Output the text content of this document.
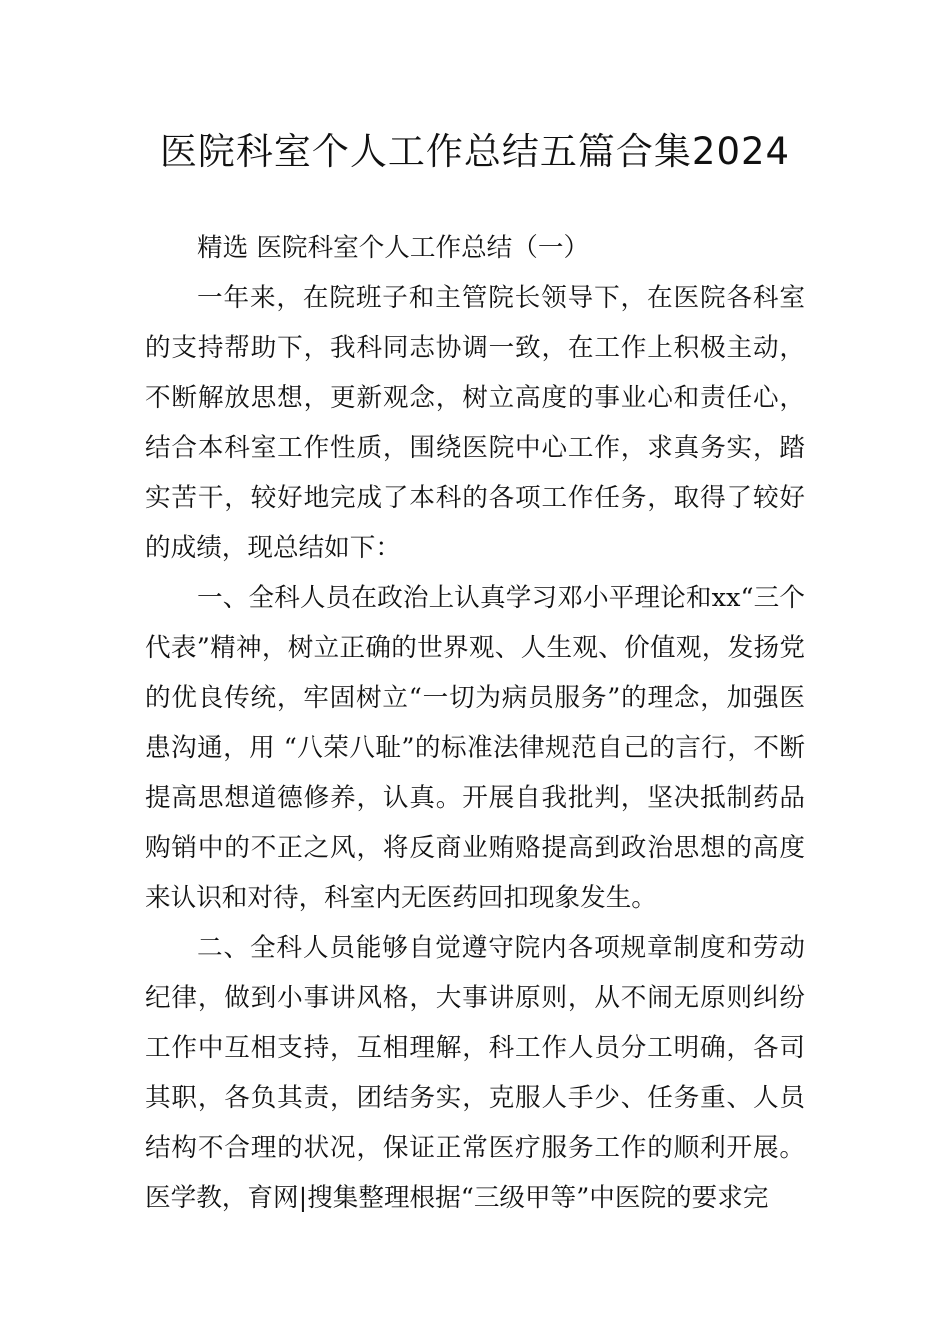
医院科室个人工作总结五篇合集2024

精选 医院科室个人工作总结（一）

一年来，在院班子和主管院长领导下，在医院各科室的支持帮助下，我科同志协调一致，在工作上积极主动，不断解放思想，更新观念，树立高度的事业心和责任心，结合本科室工作性质，围绕医院中心工作，求真务实，踏实苦干，较好地完成了本科的各项工作任务，取得了较好的成绩，现总结如下：

一、全科人员在政治上认真学习邓小平理论和xx“三个代表”精神，树立正确的世界观、人生观、价值观，发扬党的优良传统，牢固树立“一切为病员服务”的理念，加强医患沟通，用 “八荣八耻”的标准法律规范自己的言行，不断提高思想道德修养，认真。开展自我批判，坚决抵制药品购销中的不正之风，将反商业贿赂提高到政治思想的高度来认识和对待，科室内无医药回扣现象发生。

二、全科人员能够自觉遵守院内各项规章制度和劳动纪律，做到小事讲风格，大事讲原则，从不闹无原则纠纷工作中互相支持，互相理解，科工作人员分工明确，各司其职，各负其责，团结务实，克服人手少、任务重、人员结构不合理的状况，保证正常医疗服务工作的顺利开展。医学教，育网|搜集整理根据“三级甲等”中医院的要求完
